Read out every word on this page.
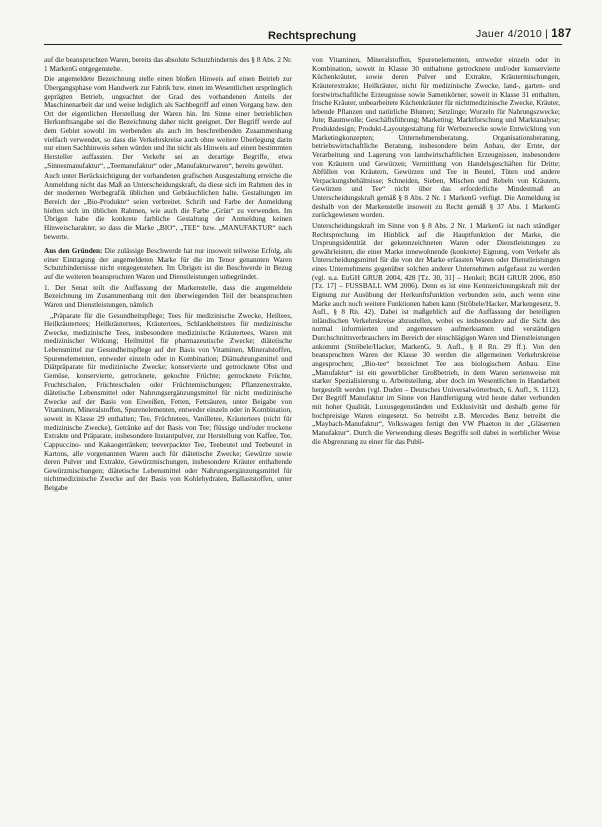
Rechtsprechung	Jauer 4/2010 | 187

auf die beanspruchten Waren, bereits das absolute Schutzhindernis des § 8 Abs. 2 Nr. 1 MarkenG entgegenstehe.

Die angemeldete Bezeichnung stelle einen bloßen Hinweis auf einen Betrieb zur Übergangsphase vom Handwerk zur Fabrik bzw. einen im Wesentlichen ursprünglich geprägten Betrieb, ungeachtet der Grad des vorhandenen Anteils der Maschinenarbeit dar und weise lediglich als Sachbegriff auf einen Vorgang bzw. den Ort der eigentlichen Herstellung der Waren hin. Im Sinne einer betrieblichen Herkunftsangabe sei die Bezeichnung daher nicht geeignet. Der Begriff werde auf dem Gebiet sowohl im werbenden als auch im beschreibenden Zusammenhang vielfach verwendet, so dass die Verkehrskreise auch ohne weitere Überlegung darin nur einen Sachhinweis sehen würden und ihn nicht als Hinweis auf einen bestimmten Hersteller auffassten. Der Verkehr sei an derartige Begriffe, etwa „Sinnesmanufaktur“, „Teemanufaktur“ oder „Manufakturwaren“, bereits gewöhnt.

Auch unter Berücksichtigung der vorhandenen grafischen Ausgestaltung erreiche die Anmeldung nicht das Maß an Unterscheidungskraft, da diese sich im Rahmen des in der modernen Werbegrafik üblichen und Gebräuchlichen halte. Gestaltungen im Bereich der „Bio-Produkte“ seien verbreitet. Schrift und Farbe der Anmeldung hielten sich im üblichen Rahmen, wie auch die Farbe „Grün“ zu verwenden. Im Übrigen habe die konkrete farbliche Gestaltung der Anmeldung keinen Hinweischarakter, so dass die Marke „BIO“, „TEE“ bzw. „MANUFAKTUR“ nach bewerte.

Aus den Gründen: Die zulässige Beschwerde hat nur insoweit teilweise Erfolg, als einer Eintragung der angemeldeten Marke für die im Tenor genannten Waren Schutzhindernisse nicht entgegenstehen. Im Übrigen ist die Beschwerde in Bezug auf die weiteren beanspruchten Waren und Dienstleistungen unbegründet.

1. Der Senat teilt die Auffassung der Markenstelle, dass die angemeldete Bezeichnung im Zusammenhang mit den überwiegenden Teil der beanspruchten Waren und Dienstleistungen, nämlich

„Präparate für die Gesundheitspflege; Tees für medizinische Zwecke, Heiltees, Heilkräutertees; Heilkräutertees, Kräutertees, Schlankheitstees für medizinische Zwecke, medizinische Tees, insbesondere medizinische Kräutertees, Waren mit medizinischer Wirkung; Heilmittel für pharmazeutische Zwecke; diätetische Lebensmittel zur Gesundheitspflege auf der Basis von Vitaminen, Mineralstoffen, Spurenelementen, entweder einzeln oder in Kombination; Diätnahrungsmittel und Diätpräparate für medizinische Zwecke; konservierte und getrocknete Obst und Gemüse, konservierte, getrocknete, gekochte Früchte; getrocknete Früchte, Fruchtschalen, Früchteschalen oder Früchtemischungen; Pflanzenextrakte, diätetische Lebensmittel oder Nahrungsergänzungsmittel für nicht medizinische Zwecke auf der Basis von Eiweißen, Fetten, Fettsäuren, unter Beigabe von Vitaminen, Mineralstoffen, Spurenelementen, entweder einzeln oder in Kombination, soweit in Klasse 29 enthalten; Tee, Früchtetees, Vanilletee, Kräutertees (nicht für medizinische Zwecke), Getränke auf der Basis von Tee; flüssige und/oder trockene Extrakte und Präparate, insbesondere Instantpulver, zur Herstellung von Kaffee, Tee, Cappuccino- und Kakaogetränken; teeverpackter Tee, Teebeutel und Teebeutel in Kartons, alle vorgenannten Waren auch für diätetische Zwecke; Gewürze sowie deren Pulver und Extrakte, Gewürzmischungen, insbesondere Kräuter enthaltende Gewürzmischungen; diätetische Lebensmittel oder Nahrungsergänzungsmittel für nichtmedizinische Zwecke auf der Basis von Kohlehydraten, Ballaststoffen, unter Beigabe

von Vitaminen, Mineralstoffen, Spurenelementen, entweder einzeln oder in Kombination, soweit in Klasse 30 enthaltene getrocknete und/oder konservierte Küchenkräuter, sowie deren Pulver und Extrakte, Kräutermischungen, Kräuterextrakte; Heilkräuter, nicht für medizinische Zwecke, land-, garten- und forstwirtschaftliche Erzeugnisse sowie Samenkörner, soweit in Klasse 31 enthalten, frische Kräuter, unbearbeitete Küchenkräuter für nichtmedizinische Zwecke, Kräuter, lebende Pflanzen und natürliche Blumen; Setzlinge; Wurzeln für Nahrungszwecke; Jute; Baumwolle; Geschäftsführung; Marketing; Marktforschung und Marktanalyse; Produktdesign; Produkt-Layoutgestaltung für Werbezwecke sowie Entwicklung von Marketingkonzepten; Unternehmensberatung, Organisationsberatung, betriebswirtschaftliche Beratung, insbesondere beim Anbau, der Ernte, der Verarbeitung und Lagerung von landwirtschaftlichen Erzeugnissen, insbesondere von Kräutern und Gewürzen; Vermittlung von Handelsgeschäften für Dritte; Abfüllen von Kräutern, Gewürzen und Tee in Beutel, Tüten und andere Verpackungsbehältnisse; Schneiden, Sieben, Mischen und Rebeln von Kräutern, Gewürzen und Tee“ nicht über das erforderliche Mindestmaß an Unterscheidungskraft gemäß § 8 Abs. 2 Nr. 1 MarkenG verfügt. Die Anmeldung ist deshalb von der Markenstelle insoweit zu Recht gemäß § 37 Abs. 1 MarkenG zurückgewiesen worden.

Unterscheidungskraft im Sinne von § 8 Abs. 2 Nr. 1 MarkenG ist nach ständiger Rechtsprechung im Hinblick auf die Hauptfunktion der Marke, die Ursprungsidentität der gekennzeichneten Waren oder Dienstleistungen zu gewährleisten, die einer Marke innewohnende (konkrete) Eignung, vom Verkehr als Unterscheidungsmittel für die von der Marke erfassten Waren oder Dienstleistungen eines Unternehmens gegenüber solchen anderer Unternehmen aufgefasst zu werden (vgl. u.a. EuGH GRUR 2004, 428 [Tz. 30, 31] – Henkel; BGH GRUR 2006, 850 [Tz. 17] – FUSSBALL WM 2006). Denn es ist eine Kennzeichnungskraft mit der Eignung zur Ausübung der Herkunftsfunktion verbunden sein, auch wenn eine Marke auch noch weitere Funktionen haben kann (Ströbele/Hacker, Markengesetz, 9. Aufl., § 8 Rn. 42). Dabei ist maßgeblich auf die Auffassung der beteiligten inländischen Verkehrskreise abzustellen, wobei es insbesondere auf die Sicht des normal informierten und angemessen aufmerksamen und verständigen Durchschnittsverbrauchers im Bereich der einschlägigen Waren und Dienstleistungen ankommt (Ströbele/Hacker, MarkenG, 9. Aufl., § 8 Rn. 29 ff.). Von den beanspruchten Waren der Klasse 30 werden die allgemeinen Verkehrskreise angesprochen; „Bio-tee“ bezeichnet Tee aus biologischem Anbau. Eine „Manufaktur“ ist ein gewerblicher Großbetrieb, in dem Waren serienweise mit starker Spezialisierung u. Arbeitsteilung, aber doch im Wesentlichen in Handarbeit hergestellt werden (vgl. Duden – Deutsches Universalwörterbuch, 6. Aufl., S. 1112). Der Begriff Manufaktur im Sinne von Handfertigung wird heute daher verbunden mit hoher Qualität, Luxusgegenständen und Exklusivität und deshalb gerne für hochpreisige Waren eingesetzt. So betreibt z.B. Mercedes Benz betreibt die „Maybach-Manufaktur“, Volkswagen fertigt den VW Phaeton in der „Gläsernen Manufaktur“. Durch die Verwendung dieses Begriffs soll dabei in werblicher Weise die Abgrenzung zu einer für das Publi-
